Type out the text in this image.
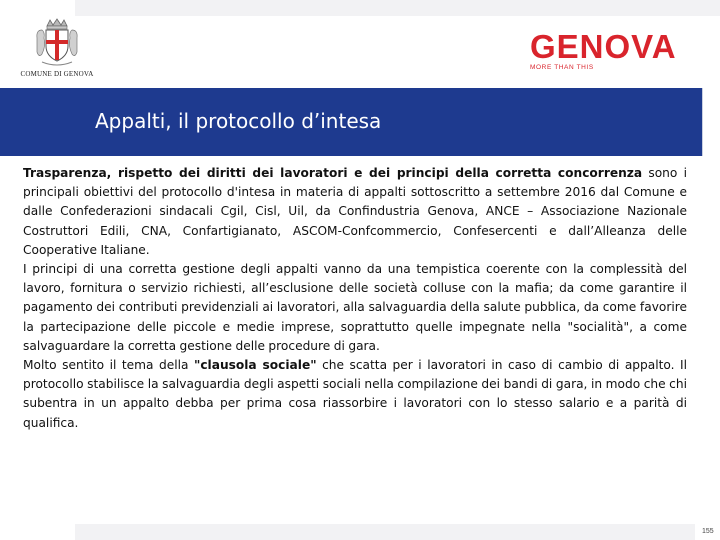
COMUNE DI GENOVA
GENOVA
MORE THAN THIS
Appalti, il protocollo d’intesa

Trasparenza, rispetto dei diritti dei lavoratori e dei principi della corretta concorrenza sono i principali obiettivi del protocollo d'intesa in materia di appalti sottoscritto a settembre 2016 dal Comune e dalle Confederazioni sindacali Cgil, Cisl, Uil, da Confindustria Genova, ANCE – Associazione Nazionale Costruttori Edili, CNA, Confartigianato, ASCOM-Confcommercio, Confesercenti e dall’Alleanza delle Cooperative Italiane.

I principi di una corretta gestione degli appalti vanno da una tempistica coerente con la complessità del lavoro, fornitura o servizio richiesti, all’esclusione delle società colluse con la mafia; da come garantire il pagamento dei contributi previdenziali ai lavoratori, alla salvaguardia della salute pubblica, da come favorire la partecipazione delle piccole e medie imprese, soprattutto quelle impegnate nella "socialità", a come salvaguardare la corretta gestione delle procedure di gara.

Molto sentito il tema della "clausola sociale" che scatta per i lavoratori in caso di cambio di appalto. Il protocollo stabilisce la salvaguardia degli aspetti sociali nella compilazione dei bandi di gara, in modo che chi subentra in un appalto debba per prima cosa riassorbire i lavoratori con lo stesso salario e a parità di qualifica.

155
